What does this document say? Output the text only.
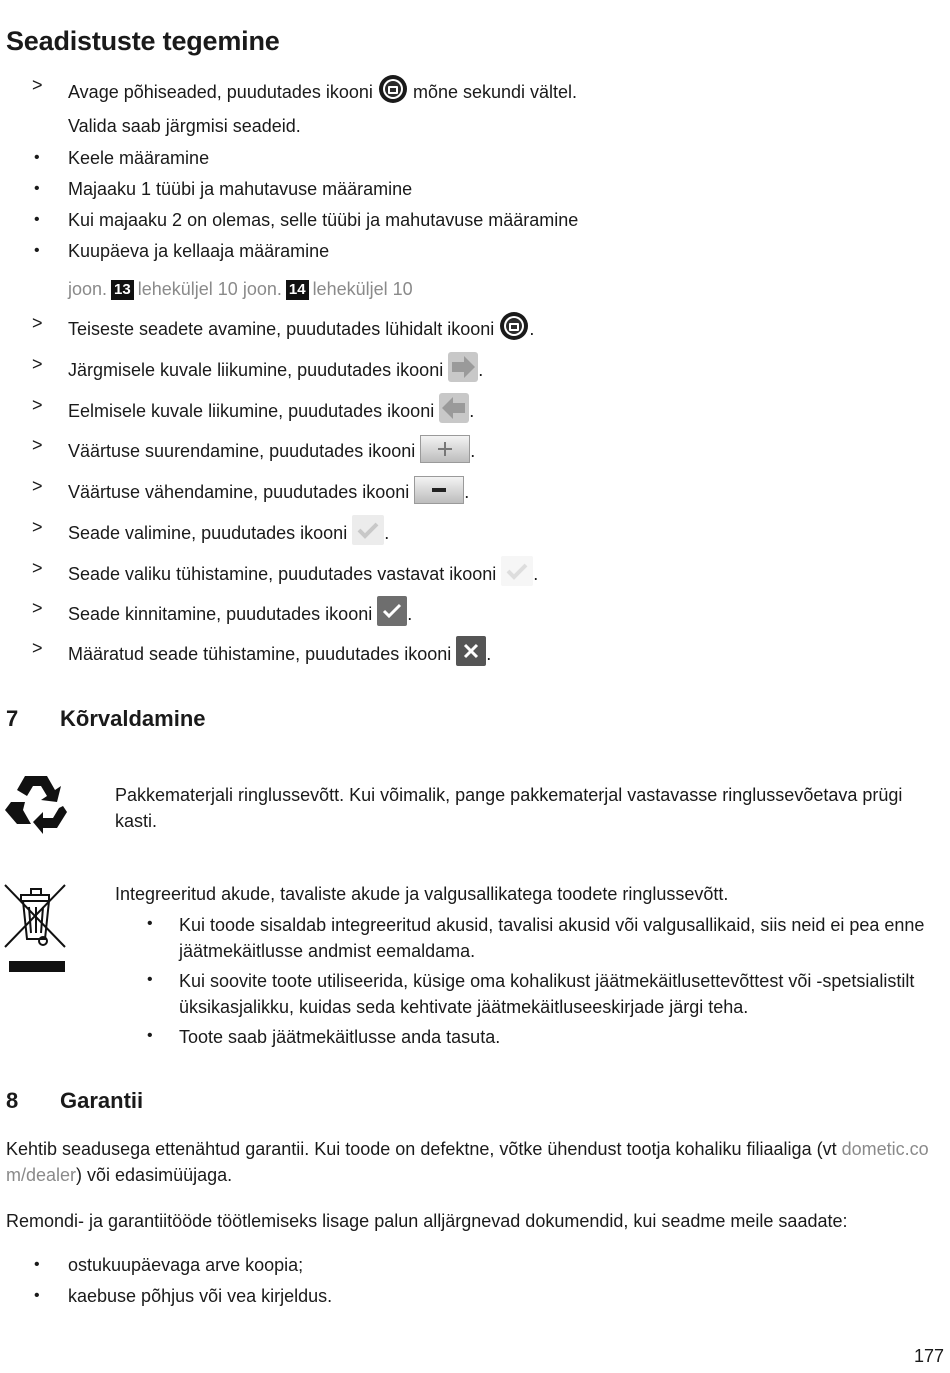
Seadistuste tegemine
> Avage põhiseaded, puudutades ikooni mõne sekundi vältel.
Valida saab järgmisi seadeid.
• Keele määramine
• Majaaku 1 tüübi ja mahutavuse määramine
• Kui majaaku 2 on olemas, selle tüübi ja mahutavuse määramine
• Kuupäeva ja kellaaja määramine
joon. 13 leheküljel 10 joon. 14 leheküljel 10
> Teiseste seadete avamine, puudutades lühidalt ikooni .
> Järgmisele kuvale liikumine, puudutades ikooni .
> Eelmisele kuvale liikumine, puudutades ikooni .
> Väärtuse suurendamine, puudutades ikooni	.
> Väärtuse vähendamine, puudutades ikooni	.
> Seade valimine, puudutades ikooni .
> Seade valiku tühistamine, puudutades vastavat ikooni .
> Seade kinnitamine, puudutades ikooni .
> Määratud seade tühistamine, puudutades ikooni .
7 Kõrvaldamine
Pakkematerjali ringlussevõtt. Kui võimalik, pange pakkematerjal vastavasse ringlussevõetava prügi kasti.
Integreeritud akude, tavaliste akude ja valgusallikatega toodete ringlussevõtt.
• Kui toode sisaldab integreeritud akusid, tavalisi akusid või valgusallikaid, siis neid ei pea enne jäätmekäitlusse andmist eemaldama.
• Kui soovite toote utiliseerida, küsige oma kohalikust jäätmekäitlusettevõttest või -spetsialistilt üksikasjalikku, kuidas seda kehtivate jäätmekäitluseeskirjade järgi teha.
• Toote saab jäätmekäitlusse anda tasuta.
8 Garantii
Kehtib seadusega ettenähtud garantii. Kui toode on defektne, võtke ühendust tootja kohaliku filiaaliga (vt dometic.com/dealer) või edasimüüjaga.
Remondi- ja garantiitööde töötlemiseks lisage palun alljärgnevad dokumendid, kui seadme meile saadate:
• ostukuupäevaga arve koopia;
• kaebuse põhjus või vea kirjeldus.
177
